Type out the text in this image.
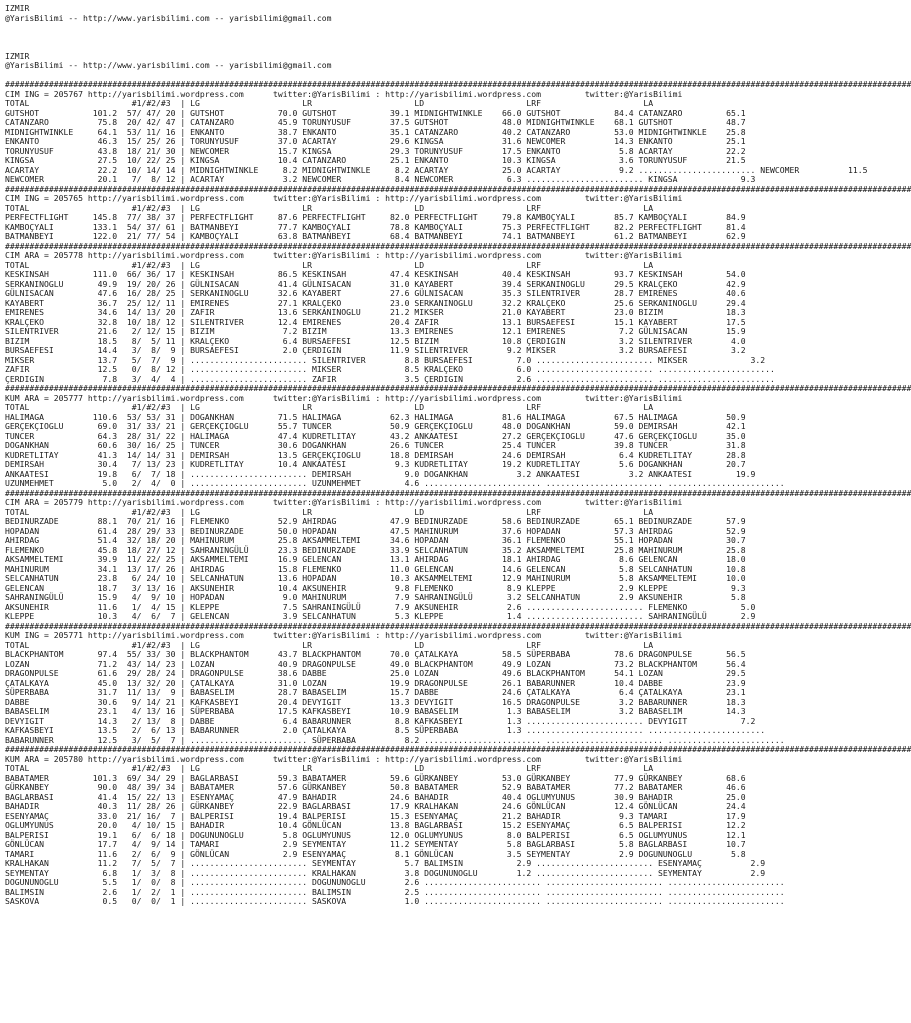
IZMIR
@YarisBilimi -- http://www.yarisbilimi.com -- yarisbilimi@gmail.com
IZMIR
@YarisBilimi -- http://www.yarisbilimi.com -- yarisbilimi@gmail.com
##########################################################################################################################################################################################
CIM ING = 205767 http://yarisbilimi.wordpress.com      twitter:@YarisBilimi : http://yarisbilimi.wordpress.com         twitter:@YarisBilimi
TOTAL                     #1/#2/#3  | LG                     LR                     LD                     LRF                     LA
GUTSHOT           101.2  57/ 47/ 20 | GUTSHOT           70.0 GUTSHOT           39.1 MIDNIGHTWINKLE    66.0 GUTSHOT           84.4 CATANZARO         65.1
CATANZARO          75.8  20/ 42/ 47 | CATANZARO         45.9 TORUNYUSUF        37.5 GUTSHOT           48.0 MIDNIGHTWINKLE    68.1 GUTSHOT           48.7
MIDNIGHTWINKLE     64.1  53/ 11/ 16 | ENKANTO           38.7 ENKANTO           35.1 CATANZARO         40.2 CATANZARO         53.0 MIDNIGHTWINKLE    25.8
ENKANTO            46.3  15/ 25/ 26 | TORUNYUSUF        37.0 ACARTAY           29.6 KINGSA            31.6 NEWCOMER          14.3 ENKANTO           25.1
TORUNYUSUF         43.8  18/ 21/ 30 | NEWCOMER          15.7 KINGSA            29.3 TORUNYUSUF        17.5 ENKANTO            5.8 ACARTAY           22.2
KINGSA             27.5  10/ 22/ 25 | KINGSA            10.4 CATANZARO         25.1 ENKANTO           10.3 KINGSA             3.6 TORUNYUSUF        21.5
ACARTAY            22.2  10/ 14/ 14 | MIDNIGHTWINKLE     8.2 MIDNIGHTWINKLE     8.2 ACARTAY           25.0 ACARTAY            9.2 ........................ NEWCOMER          11.5
NEWCOMER           20.1   7/  8/ 12 | ACARTAY            3.2 NEWCOMER           8.4 NEWCOMER           6.3 ........................ KINGSA             9.3
##########################################################################################################################################################################################
CIM ING = 205765 http://yarisbilimi.wordpress.com      twitter:@YarisBilimi : http://yarisbilimi.wordpress.com         twitter:@YarisBilimi
TOTAL                     #1/#2/#3  | LG                     LR                     LD                     LRF                     LA
PERFECTFLIGHT     145.8  77/ 38/ 37 | PERFECTFLIGHT     87.6 PERFECTFLIGHT     82.0 PERFECTFLIGHT     79.8 KAMBOÇYALI        85.7 KAMBOÇYALI        84.9
KAMBOÇYALI        133.1  54/ 37/ 61 | BATMANBEYI        77.7 KAMBOÇYALI        78.8 KAMBOÇYALI        75.3 PERFECTFLIGHT     82.2 PERFECTFLIGHT     81.4
BATMANBEYI        122.0  21/ 77/ 54 | KAMBOÇYALI        63.8 BATMANBEYI        68.4 BATMANBEYI        74.1 BATMANBEYI        61.2 BATMANBEYI        62.9
##########################################################################################################################################################################################
CIM ARA = 205778 http://yarisbilimi.wordpress.com      twitter:@YarisBilimi : http://yarisbilimi.wordpress.com         twitter:@YarisBilimi
TOTAL                     #1/#2/#3  | LG                     LR                     LD                     LRF                     LA
KESKINSAH         111.0  66/ 36/ 17 | KESKINSAH         86.5 KESKINSAH         47.4 KESKINSAH         40.4 KESKINSAH         93.7 KESKINSAH         54.0
SERKANINOGLU       49.9  19/ 20/ 26 | GÜLNISACAN        41.4 GÜLNISACAN        31.0 KAYABERT          39.4 SERKANINOGLU      29.5 KRALÇEKO          42.9
GÜLNISACAN         47.6  16/ 28/ 25 | SERKANINOGLU      32.6 KAYABERT          27.6 GÜLNISACAN        35.3 SILENTRIVER       28.7 EMIRENES          40.6
KAYABERT           36.7  25/ 12/ 11 | EMIRENES          27.1 KRALÇEKO          23.0 SERKANINOGLU      32.2 KRALÇEKO          25.6 SERKANINOGLU      29.4
EMIRENES           34.6  14/ 13/ 20 | ZAFIR             13.6 SERKANINOGLU      21.2 MIKSER            21.0 KAYABERT          23.0 BIZIM             18.3
KRALÇEKO           32.8  10/ 18/ 12 | SILENTRIVER       12.4 EMIRENES          20.4 ZAFIR             13.1 BURSAEFESI        15.1 KAYABERT          17.5
SILENTRIVER        21.6   2/ 12/ 15 | BIZIM              7.2 BIZIM             13.3 EMIRENES          12.1 EMIRENES           7.2 GÜLNISACAN        15.9
BIZIM              18.5   8/  5/ 11 | KRALÇEKO           6.4 BURSAEFESI        12.5 BIZIM             10.8 ÇERDIGIN           3.2 SILENTRIVER        4.0
BURSAEFESI         14.4   3/  8/  9 | BURSAEFESI         2.0 ÇERDIGIN          11.9 SILENTRIVER        9.2 MIKSER             3.2 BURSAEFESI         3.2
MIKSER             13.7   5/  7/  9 | ........................ SILENTRIVER        8.8 BURSAEFESI         7.0 ........................ MIKSER             3.2
ZAFIR              12.5   0/  8/ 12 | ........................ MIKSER             8.5 KRALÇEKO           6.0 ........................ ........................
ÇERDIGIN            7.8   3/  4/  4 | ........................ ZAFIR              3.5 ÇERDIGIN           2.6 ........................ ........................
##########################################################################################################################################################################################
KUM ARA = 205777 http://yarisbilimi.wordpress.com      twitter:@YarisBilimi : http://yarisbilimi.wordpress.com         twitter:@YarisBilimi
TOTAL                     #1/#2/#3  | LG                     LR                     LD                     LRF                     LA
HALIMAGA          110.6  53/ 53/ 31 | DOGANKHAN         71.5 HALIMAGA          62.3 HALIMAGA          81.6 HALIMAGA          67.5 HALIMAGA          50.9
GERÇEKÇIOGLU       69.0  31/ 33/ 21 | GERÇEKÇIOGLU      55.7 TUNCER            50.9 GERÇEKÇIOGLU      48.0 DOGANKHAN         59.0 DEMIRSAH          42.1
TUNCER             64.3  28/ 31/ 22 | HALIMAGA          47.4 KUDRETLITAY       43.2 ANKAATESI         27.2 GERÇEKÇIOGLU      47.6 GERÇEKÇIOGLU      35.0
DOGANKHAN          60.6  30/ 16/ 25 | TUNCER            30.6 DOGANKHAN         26.6 TUNCER            25.4 TUNCER            39.8 TUNCER            31.8
KUDRETLITAY        41.3  14/ 14/ 31 | DEMIRSAH          13.5 GERÇEKÇIOGLU      18.8 DEMIRSAH          24.6 DEMIRSAH           6.4 KUDRETLITAY       28.8
DEMIRSAH           30.4   7/ 13/ 23 | KUDRETLITAY       10.4 ANKAATESI          9.3 KUDRETLITAY       19.2 KUDRETLITAY        5.6 DOGANKHAN         20.7
ANKAATESI          19.8   6/  7/ 18 | ........................ DEMIRSAH           9.0 DOGANKHAN          3.2 ANKAATESI          3.2 ANKAATESI         19.9
UZUNMEHMET          5.0   2/  4/  0 | ........................ UZUNMEHMET         4.6 ........................ ........................ ........................
##########################################################################################################################################################################################
CIM ARA = 205779 http://yarisbilimi.wordpress.com      twitter:@YarisBilimi : http://yarisbilimi.wordpress.com         twitter:@YarisBilimi
TOTAL                     #1/#2/#3  | LG                     LR                     LD                     LRF                     LA
BEDINURZADE        88.1  70/ 21/ 16 | FLEMENKO          52.9 AHIRDAG           47.9 BEDINURZADE       58.6 BEDINURZADE       65.1 BEDINURZADE       57.9
HOPADAN            61.4  28/ 29/ 33 | BEDINURZADE       50.0 HOPADAN           47.5 MAHINURUM         37.6 HOPADAN           57.3 AHIRDAG           52.9
AHIRDAG            51.4  32/ 18/ 20 | MAHINURUM         25.8 AKSAMMELTEMI      34.6 HOPADAN           36.1 FLEMENKO          55.1 HOPADAN           30.7
FLEMENKO           45.8  18/ 27/ 12 | SAHRANINGÜLÜ      23.3 BEDINURZADE       33.9 SELCANHATUN       35.2 AKSAMMELTEMI      25.8 MAHINURUM         25.8
AKSAMMELTEMI       39.9  11/ 22/ 25 | AKSAMMELTEMI      16.9 GELENCAN          13.1 AHIRDAG           18.1 AHIRDAG            8.6 GELENCAN          18.0
MAHINURUM          34.1  13/ 17/ 26 | AHIRDAG           15.8 FLEMENKO          11.0 GELENCAN          14.6 GELENCAN           5.8 SELCANHATUN       10.8
SELCANHATUN        23.8   6/ 24/ 10 | SELCANHATUN       13.6 HOPADAN           10.3 AKSAMMELTEMI      12.9 MAHINURUM          5.8 AKSAMMELTEMI      10.0
GELENCAN           18.7   3/ 13/ 16 | AKSUNEHIR         10.4 AKSUNEHIR          9.8 FLEMENKO           8.9 KLEPPE             2.9 KLEPPE             9.3
SAHRANINGÜLÜ       15.9   4/  9/ 10 | HOPADAN            9.0 MAHINURUM          7.9 SAHRANINGÜLÜ       3.2 SELCANHATUN        2.9 AKSUNEHIR          5.8
AKSUNEHIR          11.6   1/  4/ 15 | KLEPPE             7.5 SAHRANINGÜLÜ       7.9 AKSUNEHIR          2.6 ........................ FLEMENKO           5.0
KLEPPE             10.3   4/  6/  7 | GELENCAN           3.9 SELCANHATUN        5.3 KLEPPE             1.4 ........................ SAHRANINGÜLÜ       2.9
##########################################################################################################################################################################################
KUM ING = 205771 http://yarisbilimi.wordpress.com      twitter:@YarisBilimi : http://yarisbilimi.wordpress.com         twitter:@YarisBilimi
TOTAL                     #1/#2/#3  | LG                     LR                     LD                     LRF                     LA
BLACKPHANTOM       97.4  55/ 33/ 30 | BLACKPHANTOM      43.7 BLACKPHANTOM      70.0 ÇATALKAYA         58.5 SÜPERBABA         78.6 DRAGONPULSE       56.5
LOZAN              71.2  43/ 14/ 23 | LOZAN             40.9 DRAGONPULSE       49.0 BLACKPHANTOM      49.9 LOZAN             73.2 BLACKPHANTOM      56.4
DRAGONPULSE        61.6  29/ 28/ 24 | DRAGONPULSE       38.6 DABBE             25.0 LOZAN             49.6 BLACKPHANTOM      54.1 LOZAN             29.5
ÇATALKAYA          45.0  13/ 32/ 20 | ÇATALKAYA         31.0 LOZAN             19.9 DRAGONPULSE       26.1 BABARUNNER        10.4 DABBE             23.9
SÜPERBABA          31.7  11/ 13/  9 | BABASELIM         28.7 BABASELIM         15.7 DABBE             24.6 ÇATALKAYA          6.4 ÇATALKAYA         23.1
DABBE              30.6   9/ 14/ 21 | KAFKASBEYI        20.4 DEVYIGIT          13.3 DEVYIGIT          16.5 DRAGONPULSE        3.2 BABARUNNER        18.3
BABASELIM          23.1   4/ 13/ 16 | SÜPERBABA         17.5 KAFKASBEYI        10.9 BABASELIM          1.3 BABASELIM          3.2 BABASELIM         14.3
DEVYIGIT           14.3   2/ 13/  8 | DABBE              6.4 BABARUNNER         8.8 KAFKASBEYI         1.3 ........................ DEVYIGIT           7.2
KAFKASBEYI         13.5   2/  6/ 13 | BABARUNNER         2.0 ÇATALKAYA          8.5 SÜPERBABA          1.3 ........................ ........................
BABARUNNER         12.5   3/  5/  7 | ........................ SÜPERBABA          8.2 ........................ ........................ ........................
##########################################################################################################################################################################################
KUM ARA = 205780 http://yarisbilimi.wordpress.com      twitter:@YarisBilimi : http://yarisbilimi.wordpress.com         twitter:@YarisBilimi
TOTAL                     #1/#2/#3  | LG                     LR                     LD                     LRF                     LA
BABATAMER         101.3  69/ 34/ 29 | BAGLARBASI        59.3 BABATAMER         59.6 GÜRKANBEY         53.0 GÜRKANBEY         77.9 GÜRKANBEY         68.6
GÜRKANBEY          90.0  48/ 39/ 34 | BABATAMER         57.6 GÜRKANBEY         50.8 BABATAMER         52.9 BABATAMER         77.2 BABATAMER         46.6
BAGLARBASI         41.4  15/ 22/ 13 | ESENYAMAÇ         47.9 BAHADIR           24.6 BAHADIR           40.4 OGLUMYUNUS        30.9 BAHADIR           25.0
BAHADIR            40.3  11/ 28/ 26 | GÜRKANBEY         22.9 BAGLARBASI        17.9 KRALHAKAN         24.6 GÖNLÜCAN          12.4 GÖNLÜCAN          24.4
ESENYAMAÇ          33.0  21/ 16/  7 | BALPERISI         19.4 BALPERISI         15.3 ESENYAMAÇ         21.2 BAHADIR            9.3 TAMARI            17.9
OGLUMYUNUS         20.0   4/ 10/ 15 | BAHADIR           10.4 GÖNLÜCAN          13.8 BAGLARBASI        15.2 ESENYAMAÇ          6.5 BALPERISI         12.2
BALPERISI          19.1   6/  6/ 18 | DOGUNUNOGLU        5.8 OGLUMYUNUS        12.0 OGLUMYUNUS         8.0 BALPERISI          6.5 OGLUMYUNUS        12.1
GÖNLÜCAN           17.7   4/  9/ 14 | TAMARI             2.9 SEYMENTAY         11.2 SEYMENTAY          5.8 BAGLARBASI         5.8 BAGLARBASI        10.7
TAMARI             11.6   2/  6/  9 | GÖNLÜCAN           2.9 ESENYAMAÇ          8.1 GÖNLÜCAN           3.5 SEYMENTAY          2.9 DOGUNUNOGLU        5.8
KRALHAKAN          11.2   7/  5/  7 | ........................ SEYMENTAY          5.7 BALIMSIN           2.9 ........................ ESENYAMAÇ          2.9
SEYMENTAY           6.8   1/  3/  8 | ........................ KRALHAKAN          3.8 DOGUNUNOGLU        1.2 ........................ SEYMENTAY          2.9
DOGUNUNOGLU         5.5   1/  0/  8 | ........................ DOGUNUNOGLU        2.6 ........................ ........................ ........................
BALIMSIN            2.6   1/  2/  1 | ........................ BALIMSIN           2.5 ........................ ........................ ........................
SASKOVA             0.5   0/  0/  1 | ........................ SASKOVA            1.0 ........................ ........................ ........................
